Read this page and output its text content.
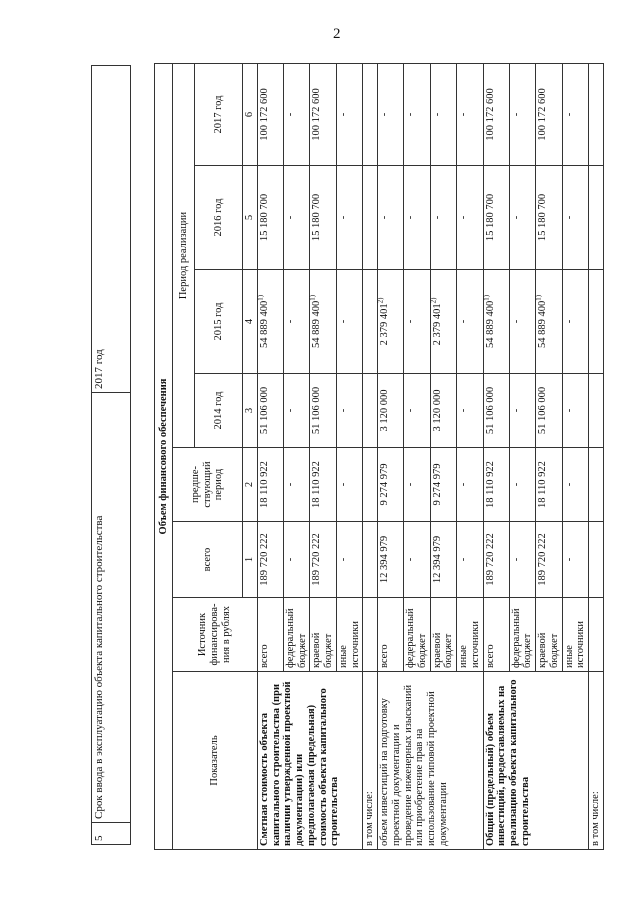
2
5	Срок ввода в эксплуатацию объекта капитального строительства	2017 год
Объем финансового обеспечения								
Показатель	Источник финансирова-ния в рублях	всего	предше-ствующий период	Период реализации				
				2014 год	2015 год	2016 год	2017 год	
		1	2	3	4	5	6		
Сметная стоимость объекта капитального строительства (при наличии утвержденной проектной документации) или предполагаемая (предельная) стоимость объекта капитального строительства	всего	189 720 222	18 110 922	51 106 000	54 889 400$^{1)}$	15 180 700	100 172 600	
	федеральный бюджет	-	-	-	-	-	-	
	краевой бюджет	189 720 222	18 110 922	51 106 000	54 889 400$^{1)}$	15 180 700	100 172 600	
	иные источники	-	-	-	-	-	-	
в том числе:								
объем инвестиций на подготовку проектной документации и проведение инженерных изысканий или приобретение прав на использование типовой проектной документации	всего	12 394 979	9 274 979	3 120 000	2 379 401$^{2)}$	-	-	
	федеральный бюджет	-	-	-	-	-	-	
	краевой бюджет	12 394 979	9 274 979	3 120 000	2 379 401$^{2)}$	-	-	
	иные источники	-	-	-	-	-	-	
Общий (предельный) объем инвестиций, предоставляемых на реализацию объекта капитального строительства	всего	189 720 222	18 110 922	51 106 000	54 889 400$^{1)}$	15 180 700	100 172 600	
	федеральный бюджет	-	-	-	-	-	-	
	краевой бюджет	189 720 222	18 110 922	51 106 000	54 889 400$^{1)}$	15 180 700	100 172 600	
	иные источники	-	-	-	-	-	-	
в том числе:								
